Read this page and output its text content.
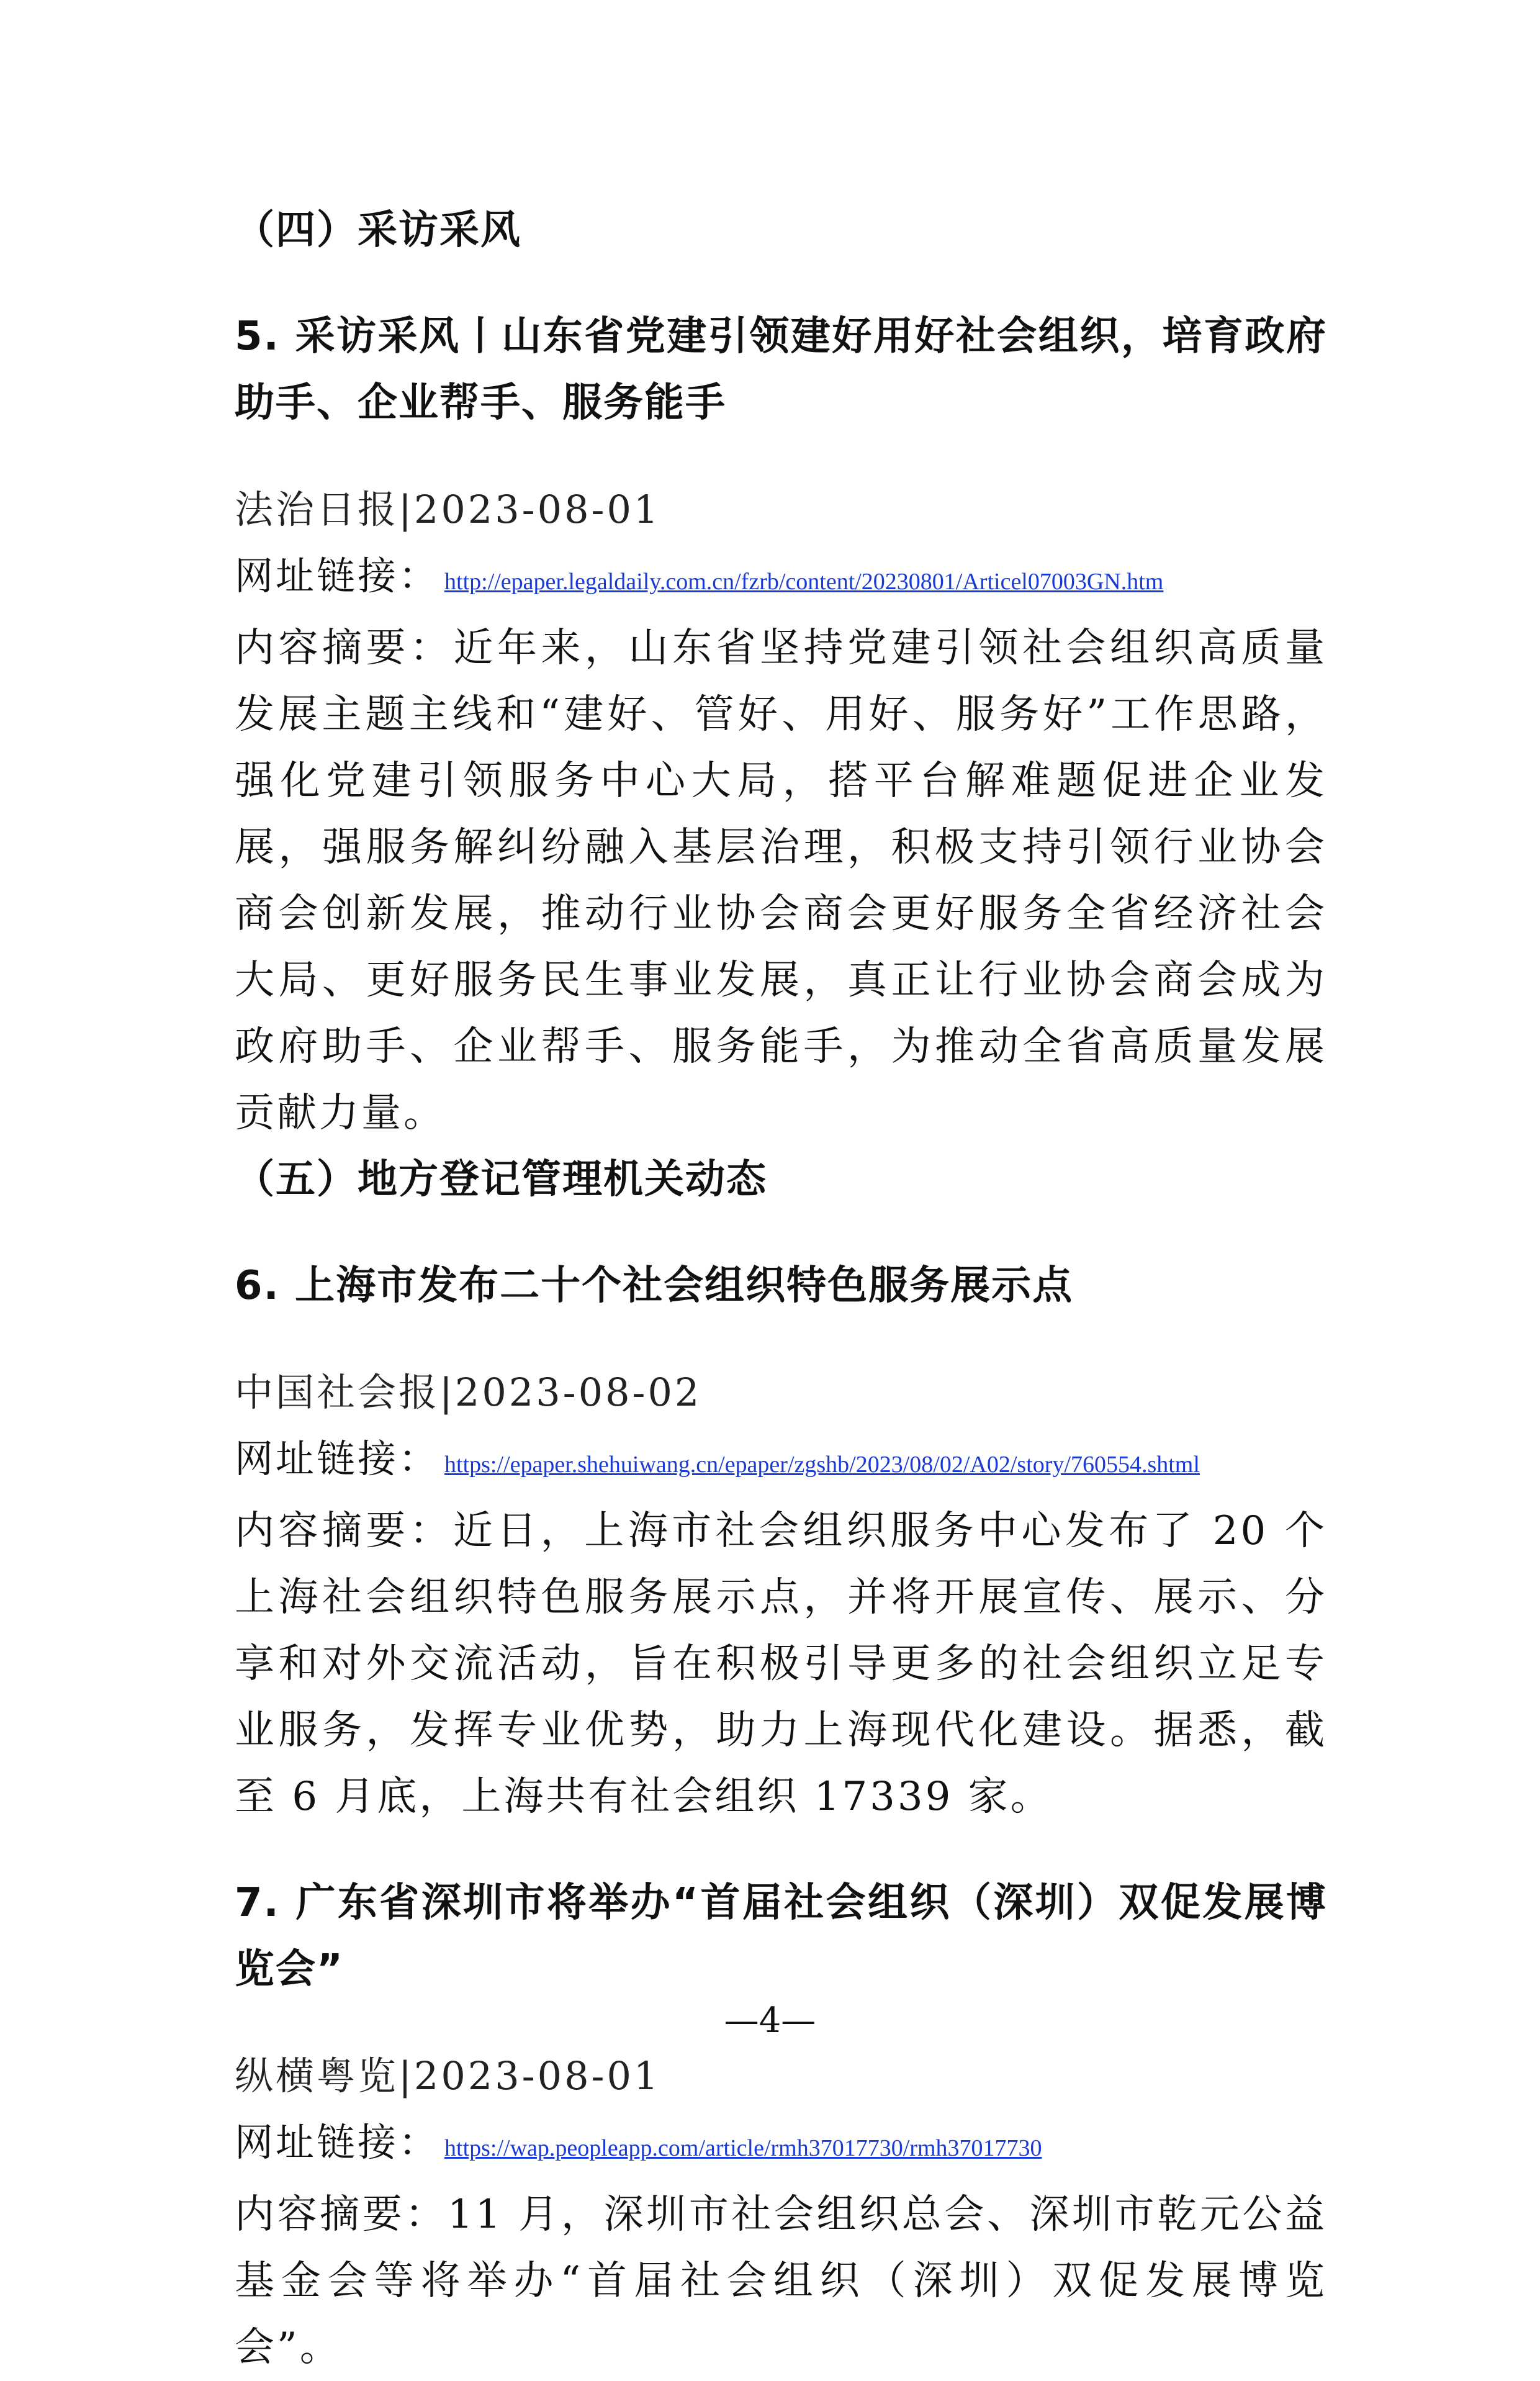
（四）采访采风

5. 采访采风丨山东省党建引领建好用好社会组织，培育政府助手、企业帮手、服务能手

法治日报|2023-08-01

网址链接： http://epaper.legaldaily.com.cn/fzrb/content/20230801/Articel07003GN.htm

内容摘要：近年来，山东省坚持党建引领社会组织高质量发展主题主线和“建好、管好、用好、服务好”工作思路，强化党建引领服务中心大局，搭平台解难题促进企业发展，强服务解纠纷融入基层治理，积极支持引领行业协会商会创新发展，推动行业协会商会更好服务全省经济社会大局、更好服务民生事业发展，真正让行业协会商会成为政府助手、企业帮手、服务能手，为推动全省高质量发展贡献力量。

（五）地方登记管理机关动态

6. 上海市发布二十个社会组织特色服务展示点

中国社会报|2023-08-02

网址链接： https://epaper.shehuiwang.cn/epaper/zgshb/2023/08/02/A02/story/760554.shtml

内容摘要：近日，上海市社会组织服务中心发布了 20 个上海社会组织特色服务展示点，并将开展宣传、展示、分享和对外交流活动，旨在积极引导更多的社会组织立足专业服务，发挥专业优势，助力上海现代化建设。据悉，截至 6 月底，上海共有社会组织 17339 家。

7. 广东省深圳市将举办“首届社会组织（深圳）双促发展博览会”

纵横粤览|2023-08-01

网址链接： https://wap.peopleapp.com/article/rmh37017730/rmh37017730

内容摘要：11 月，深圳市社会组织总会、深圳市乾元公益基金会等将举办“首届社会组织（深圳）双促发展博览会”。

—4—
